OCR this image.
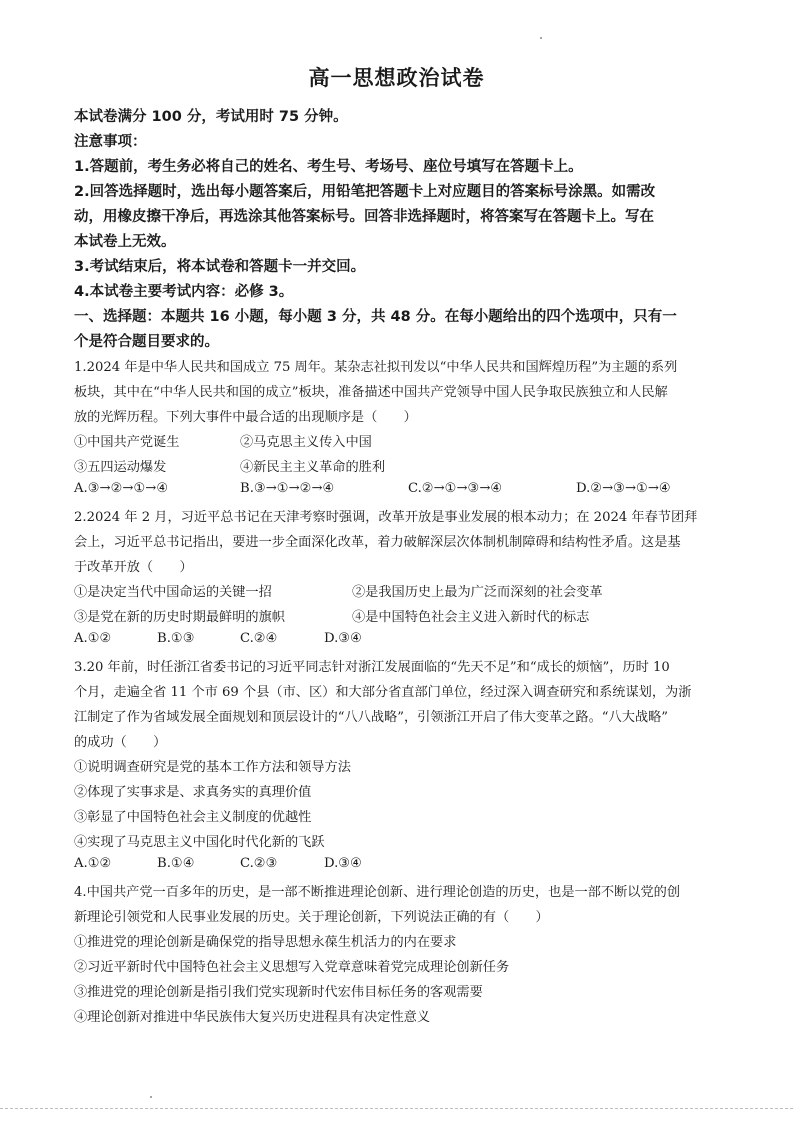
高一思想政治试卷
本试卷满分 100 分，考试用时 75 分钟。
注意事项：
1.答题前，考生务必将自己的姓名、考生号、考场号、座位号填写在答题卡上。
2.回答选择题时，选出每小题答案后，用铅笔把答题卡上对应题目的答案标号涂黑。如需改
动，用橡皮擦干净后，再选涂其他答案标号。回答非选择题时，将答案写在答题卡上。写在
本试卷上无效。
3.考试结束后，将本试卷和答题卡一并交回。
4.本试卷主要考试内容：必修 3。
一、选择题：本题共 16 小题，每小题 3 分，共 48 分。在每小题给出的四个选项中，只有一
个是符合题目要求的。
1.2024 年是中华人民共和国成立 75 周年。某杂志社拟刊发以“中华人民共和国辉煌历程”为主题的系列
板块，其中在“中华人民共和国的成立”板块，准备描述中国共产党领导中国人民争取民族独立和人民解
放的光辉历程。下列大事件中最合适的出现顺序是（　　）
①中国共产党诞生	②马克思主义传入中国
③五四运动爆发	④新民主主义革命的胜利
A.③→②→①→④	B.③→①→②→④	C.②→①→③→④	D.②→③→①→④
2.2024 年 2 月，习近平总书记在天津考察时强调，改革开放是事业发展的根本动力；在 2024 年春节团拜
会上，习近平总书记指出，要进一步全面深化改革，着力破解深层次体制机制障碍和结构性矛盾。这是基
于改革开放（　　）
①是决定当代中国命运的关键一招	②是我国历史上最为广泛而深刻的社会变革
③是党在新的历史时期最鲜明的旗帜	④是中国特色社会主义进入新时代的标志
A.①②	B.①③	C.②④	D.③④
3.20 年前，时任浙江省委书记的习近平同志针对浙江发展面临的“先天不足”和“成长的烦恼”，历时 10
个月，走遍全省 11 个市 69 个县（市、区）和大部分省直部门单位，经过深入调查研究和系统谋划，为浙
江制定了作为省域发展全面规划和顶层设计的“八八战略”，引领浙江开启了伟大变革之路。“八大战略”
的成功（　　）
①说明调查研究是党的基本工作方法和领导方法
②体现了实事求是、求真务实的真理价值
③彰显了中国特色社会主义制度的优越性
④实现了马克思主义中国化时代化新的飞跃
A.①②	B.①④	C.②③	D.③④
4.中国共产党一百多年的历史，是一部不断推进理论创新、进行理论创造的历史，也是一部不断以党的创
新理论引领党和人民事业发展的历史。关于理论创新，下列说法正确的有（　　）
①推进党的理论创新是确保党的指导思想永葆生机活力的内在要求
②习近平新时代中国特色社会主义思想写入党章意味着党完成理论创新任务
③推进党的理论创新是指引我们党实现新时代宏伟目标任务的客观需要
④理论创新对推进中华民族伟大复兴历史进程具有决定性意义
